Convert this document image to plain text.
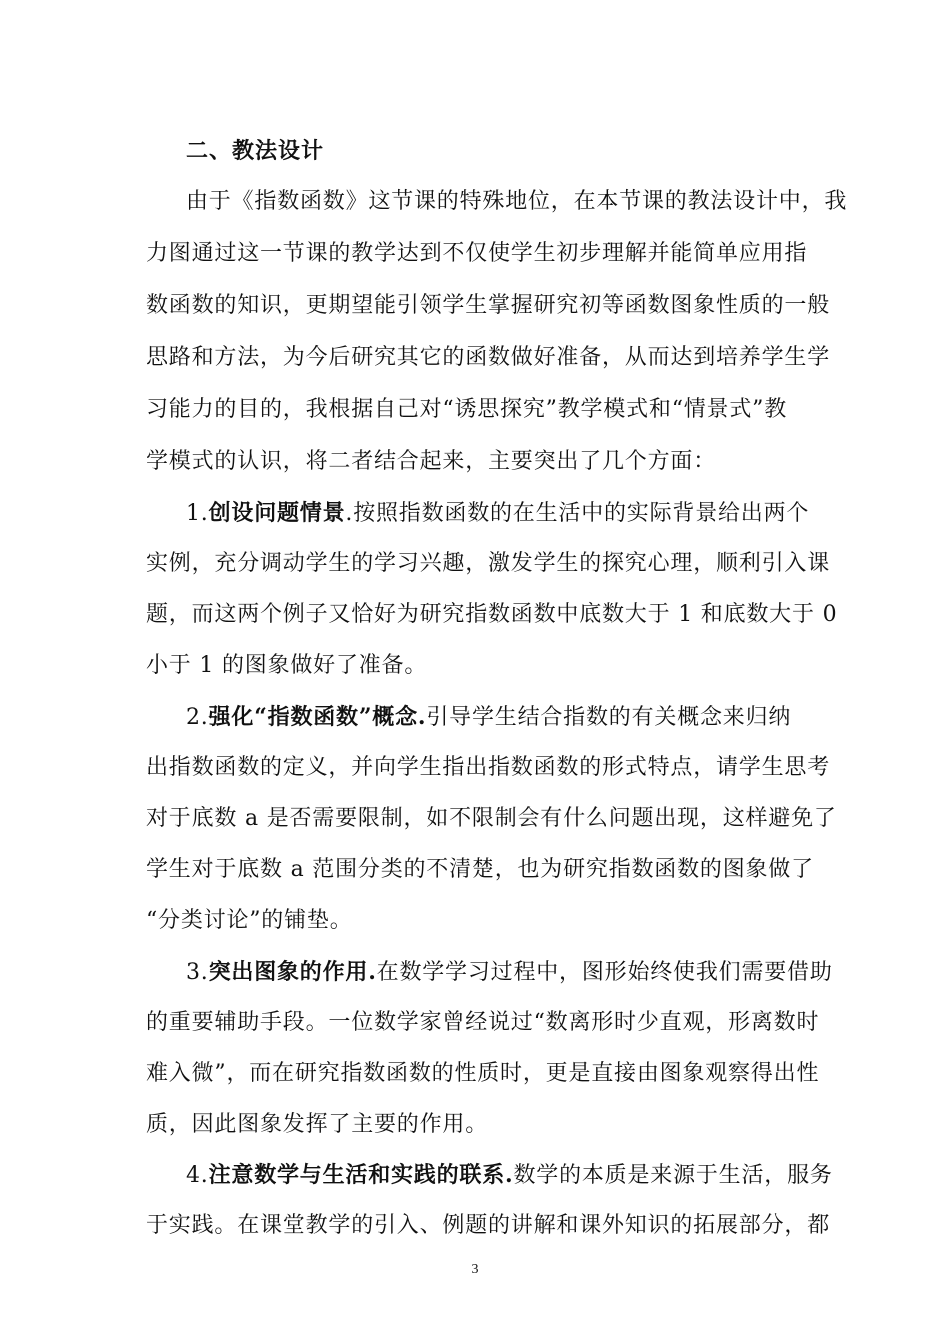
二、教法设计
由于《指数函数》这节课的特殊地位，在本节课的教法设计中，我
力图通过这一节课的教学达到不仅使学生初步理解并能简单应用指
数函数的知识，更期望能引领学生掌握研究初等函数图象性质的一般
思路和方法，为今后研究其它的函数做好准备，从而达到培养学生学
习能力的目的，我根据自己对“诱思探究”教学模式和“情景式”教
学模式的认识，将二者结合起来，主要突出了几个方面：
1.创设问题情景.按照指数函数的在生活中的实际背景给出两个
实例，充分调动学生的学习兴趣，激发学生的探究心理，顺利引入课
题，而这两个例子又恰好为研究指数函数中底数大于 1 和底数大于 0
小于 1 的图象做好了准备。
2.强化“指数函数”概念.引导学生结合指数的有关概念来归纳
出指数函数的定义，并向学生指出指数函数的形式特点，请学生思考
对于底数 a 是否需要限制，如不限制会有什么问题出现，这样避免了
学生对于底数 a 范围分类的不清楚，也为研究指数函数的图象做了
“分类讨论”的铺垫。
3.突出图象的作用.在数学学习过程中，图形始终使我们需要借助
的重要辅助手段。一位数学家曾经说过“数离形时少直观，形离数时
难入微”，而在研究指数函数的性质时，更是直接由图象观察得出性
质，因此图象发挥了主要的作用。
4.注意数学与生活和实践的联系.数学的本质是来源于生活，服务
于实践。在课堂教学的引入、例题的讲解和课外知识的拓展部分，都
3
